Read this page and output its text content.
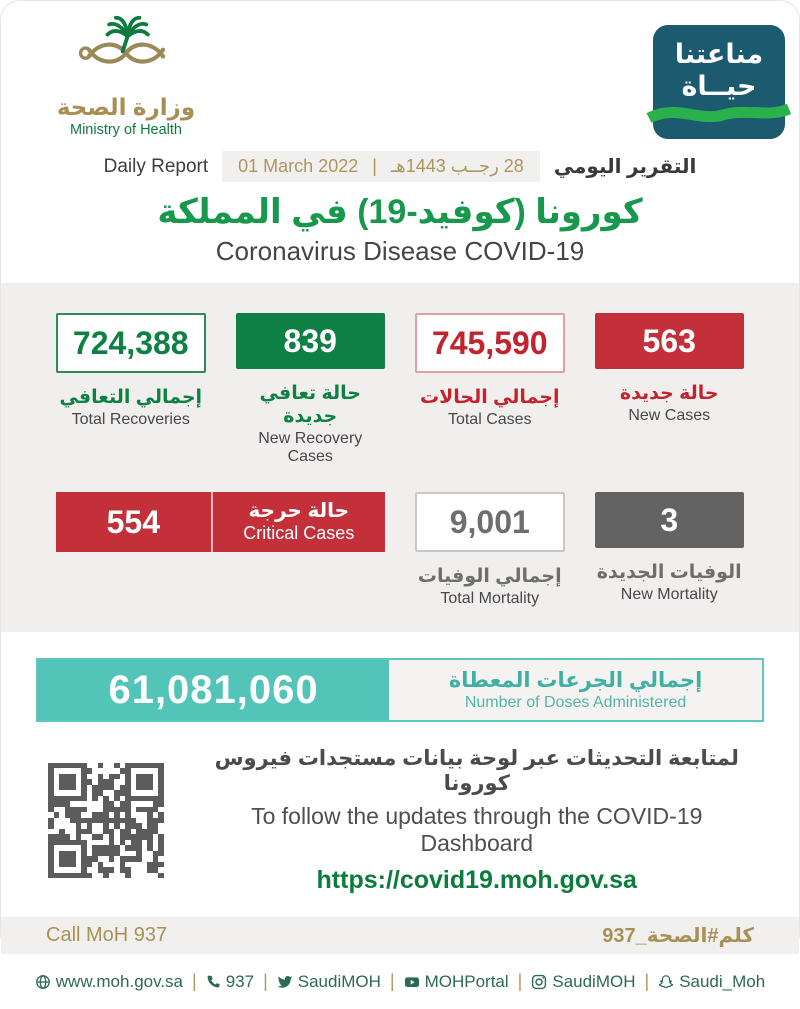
وزارة الصحة
Ministry of Health
مناعتنا
حيــاة
Daily Report 01 March 2022 | 28 رجــب 1443هـ التقرير اليومي
كورونا (كوفيد-19) في المملكة
Coronavirus Disease COVID-19
724,388
إجمالي التعافي
Total Recoveries
839
حالة تعافي جديدة
New Recovery Cases
745,590
إجمالي الحالات
Total Cases
563
حالة جديدة
New Cases
554	حالة حرجة
Critical Cases	9,001
إجمالي الوفيات
Total Mortality
3
الوفيات الجديدة
New Mortality
61,081,060	إجمالي الجرعات المعطاة
Number of Doses Administered
لمتابعة التحديثات عبر لوحة بيانات مستجدات فيروس كورونا
To follow the updates through the COVID-19 Dashboard
https://covid19.moh.gov.sa
Call MoH 937	كلم#الصحة_937
www.moh.gov.sa | 937 | SaudiMOH | MOHPortal | SaudiMOH | Saudi_Moh
